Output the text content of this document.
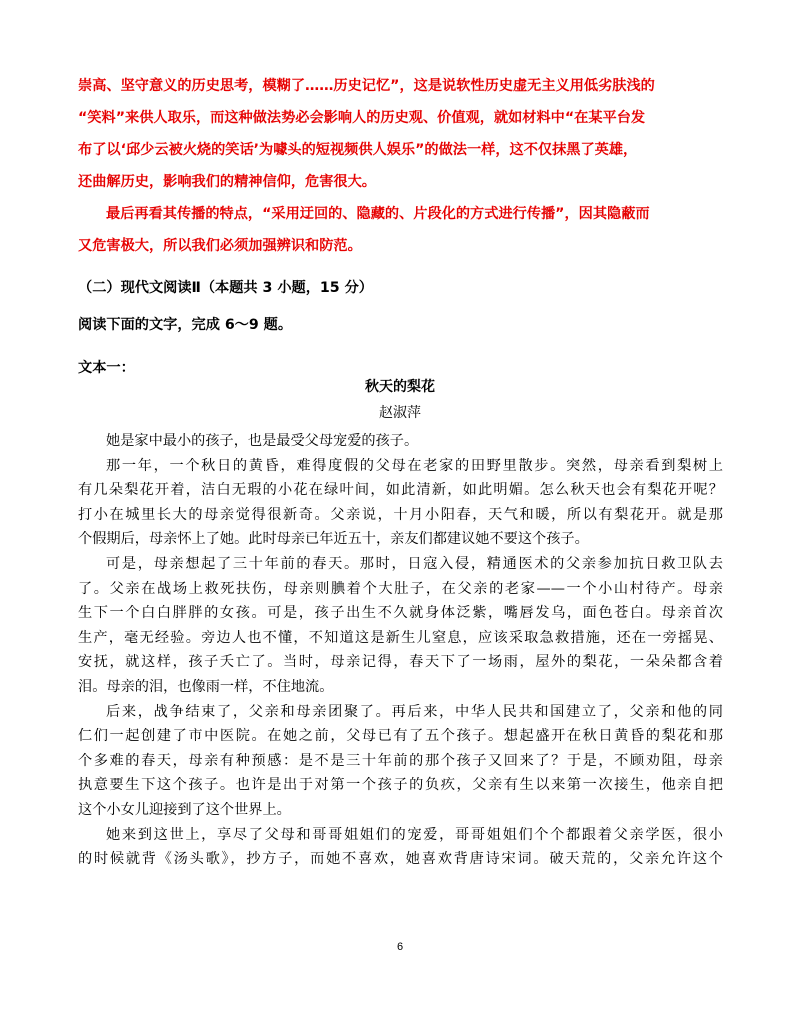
崇高、坚守意义的历史思考，模糊了……历史记忆”，这是说软性历史虚无主义用低劣肤浅的

“笑料”来供人取乐，而这种做法势必会影响人的历史观、价值观，就如材料中“在某平台发

布了以‘邱少云被火烧的笑话’为噱头的短视频供人娱乐”的做法一样，这不仅抹黑了英雄，

还曲解历史，影响我们的精神信仰，危害很大。

最后再看其传播的特点，“采用迂回的、隐藏的、片段化的方式进行传播”，因其隐蔽而

又危害极大，所以我们必须加强辨识和防范。

（二）现代文阅读Ⅱ（本题共 3 小题，15 分）
阅读下面的文字，完成 6～9 题。
文本一：
秋天的梨花
赵淑萍
她是家中最小的孩子，也是最受父母宠爱的孩子。
那一年，一个秋日的黄昏，难得度假的父母在老家的田野里散步。突然，母亲看到梨树上
有几朵梨花开着，洁白无瑕的小花在绿叶间，如此清新，如此明媚。怎么秋天也会有梨花开呢？
打小在城里长大的母亲觉得很新奇。父亲说，十月小阳春，天气和暖，所以有梨花开。就是那
个假期后，母亲怀上了她。此时母亲已年近五十，亲友们都建议她不要这个孩子。
可是，母亲想起了三十年前的春天。那时，日寇入侵，精通医术的父亲参加抗日救卫队去
了。父亲在战场上救死扶伤，母亲则腆着个大肚子，在父亲的老家——一个小山村待产。母亲
生下一个白白胖胖的女孩。可是，孩子出生不久就身体泛紫，嘴唇发乌，面色苍白。母亲首次
生产，毫无经验。旁边人也不懂，不知道这是新生儿窒息，应该采取急救措施，还在一旁摇晃、
安抚，就这样，孩子夭亡了。当时，母亲记得，春天下了一场雨，屋外的梨花，一朵朵都含着
泪。母亲的泪，也像雨一样，不住地流。
后来，战争结束了，父亲和母亲团聚了。再后来，中华人民共和国建立了，父亲和他的同
仁们一起创建了市中医院。在她之前，父母已有了五个孩子。想起盛开在秋日黄昏的梨花和那
个多难的春天，母亲有种预感：是不是三十年前的那个孩子又回来了？于是，不顾劝阻，母亲
执意要生下这个孩子。也许是出于对第一个孩子的负疚，父亲有生以来第一次接生，他亲自把
这个小女儿迎接到了这个世界上。
她来到这世上，享尽了父母和哥哥姐姐们的宠爱，哥哥姐姐们个个都跟着父亲学医，很小
的时候就背《汤头歌》，抄方子，而她不喜欢，她喜欢背唐诗宋词。破天荒的，父亲允许这个
6
